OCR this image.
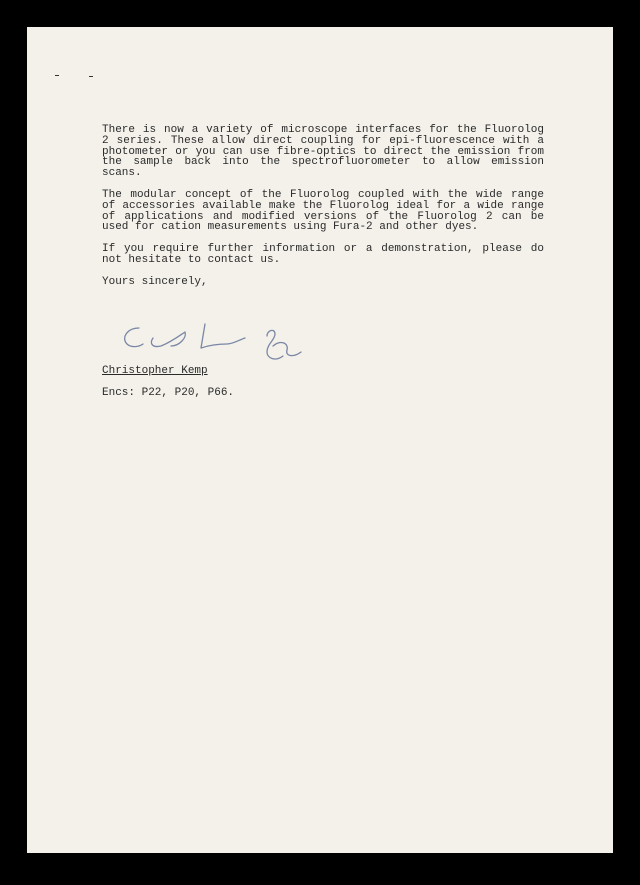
There is now a variety of microscope interfaces for the Fluorolog 2 series. These allow direct coupling for epi-fluorescence with a photometer or you can use fibre-optics to direct the emission from the sample back into the spectrofluorometer to allow emission scans.

The modular concept of the Fluorolog coupled with the wide range of accessories available make the Fluorolog ideal for a wide range of applications and modified versions of the Fluorolog 2 can be used for cation measurements using Fura-2 and other dyes.

If you require further information or a demonstration, please do not hesitate to contact us.

Yours sincerely,

Christopher Kemp
Encs: P22, P20, P66.
